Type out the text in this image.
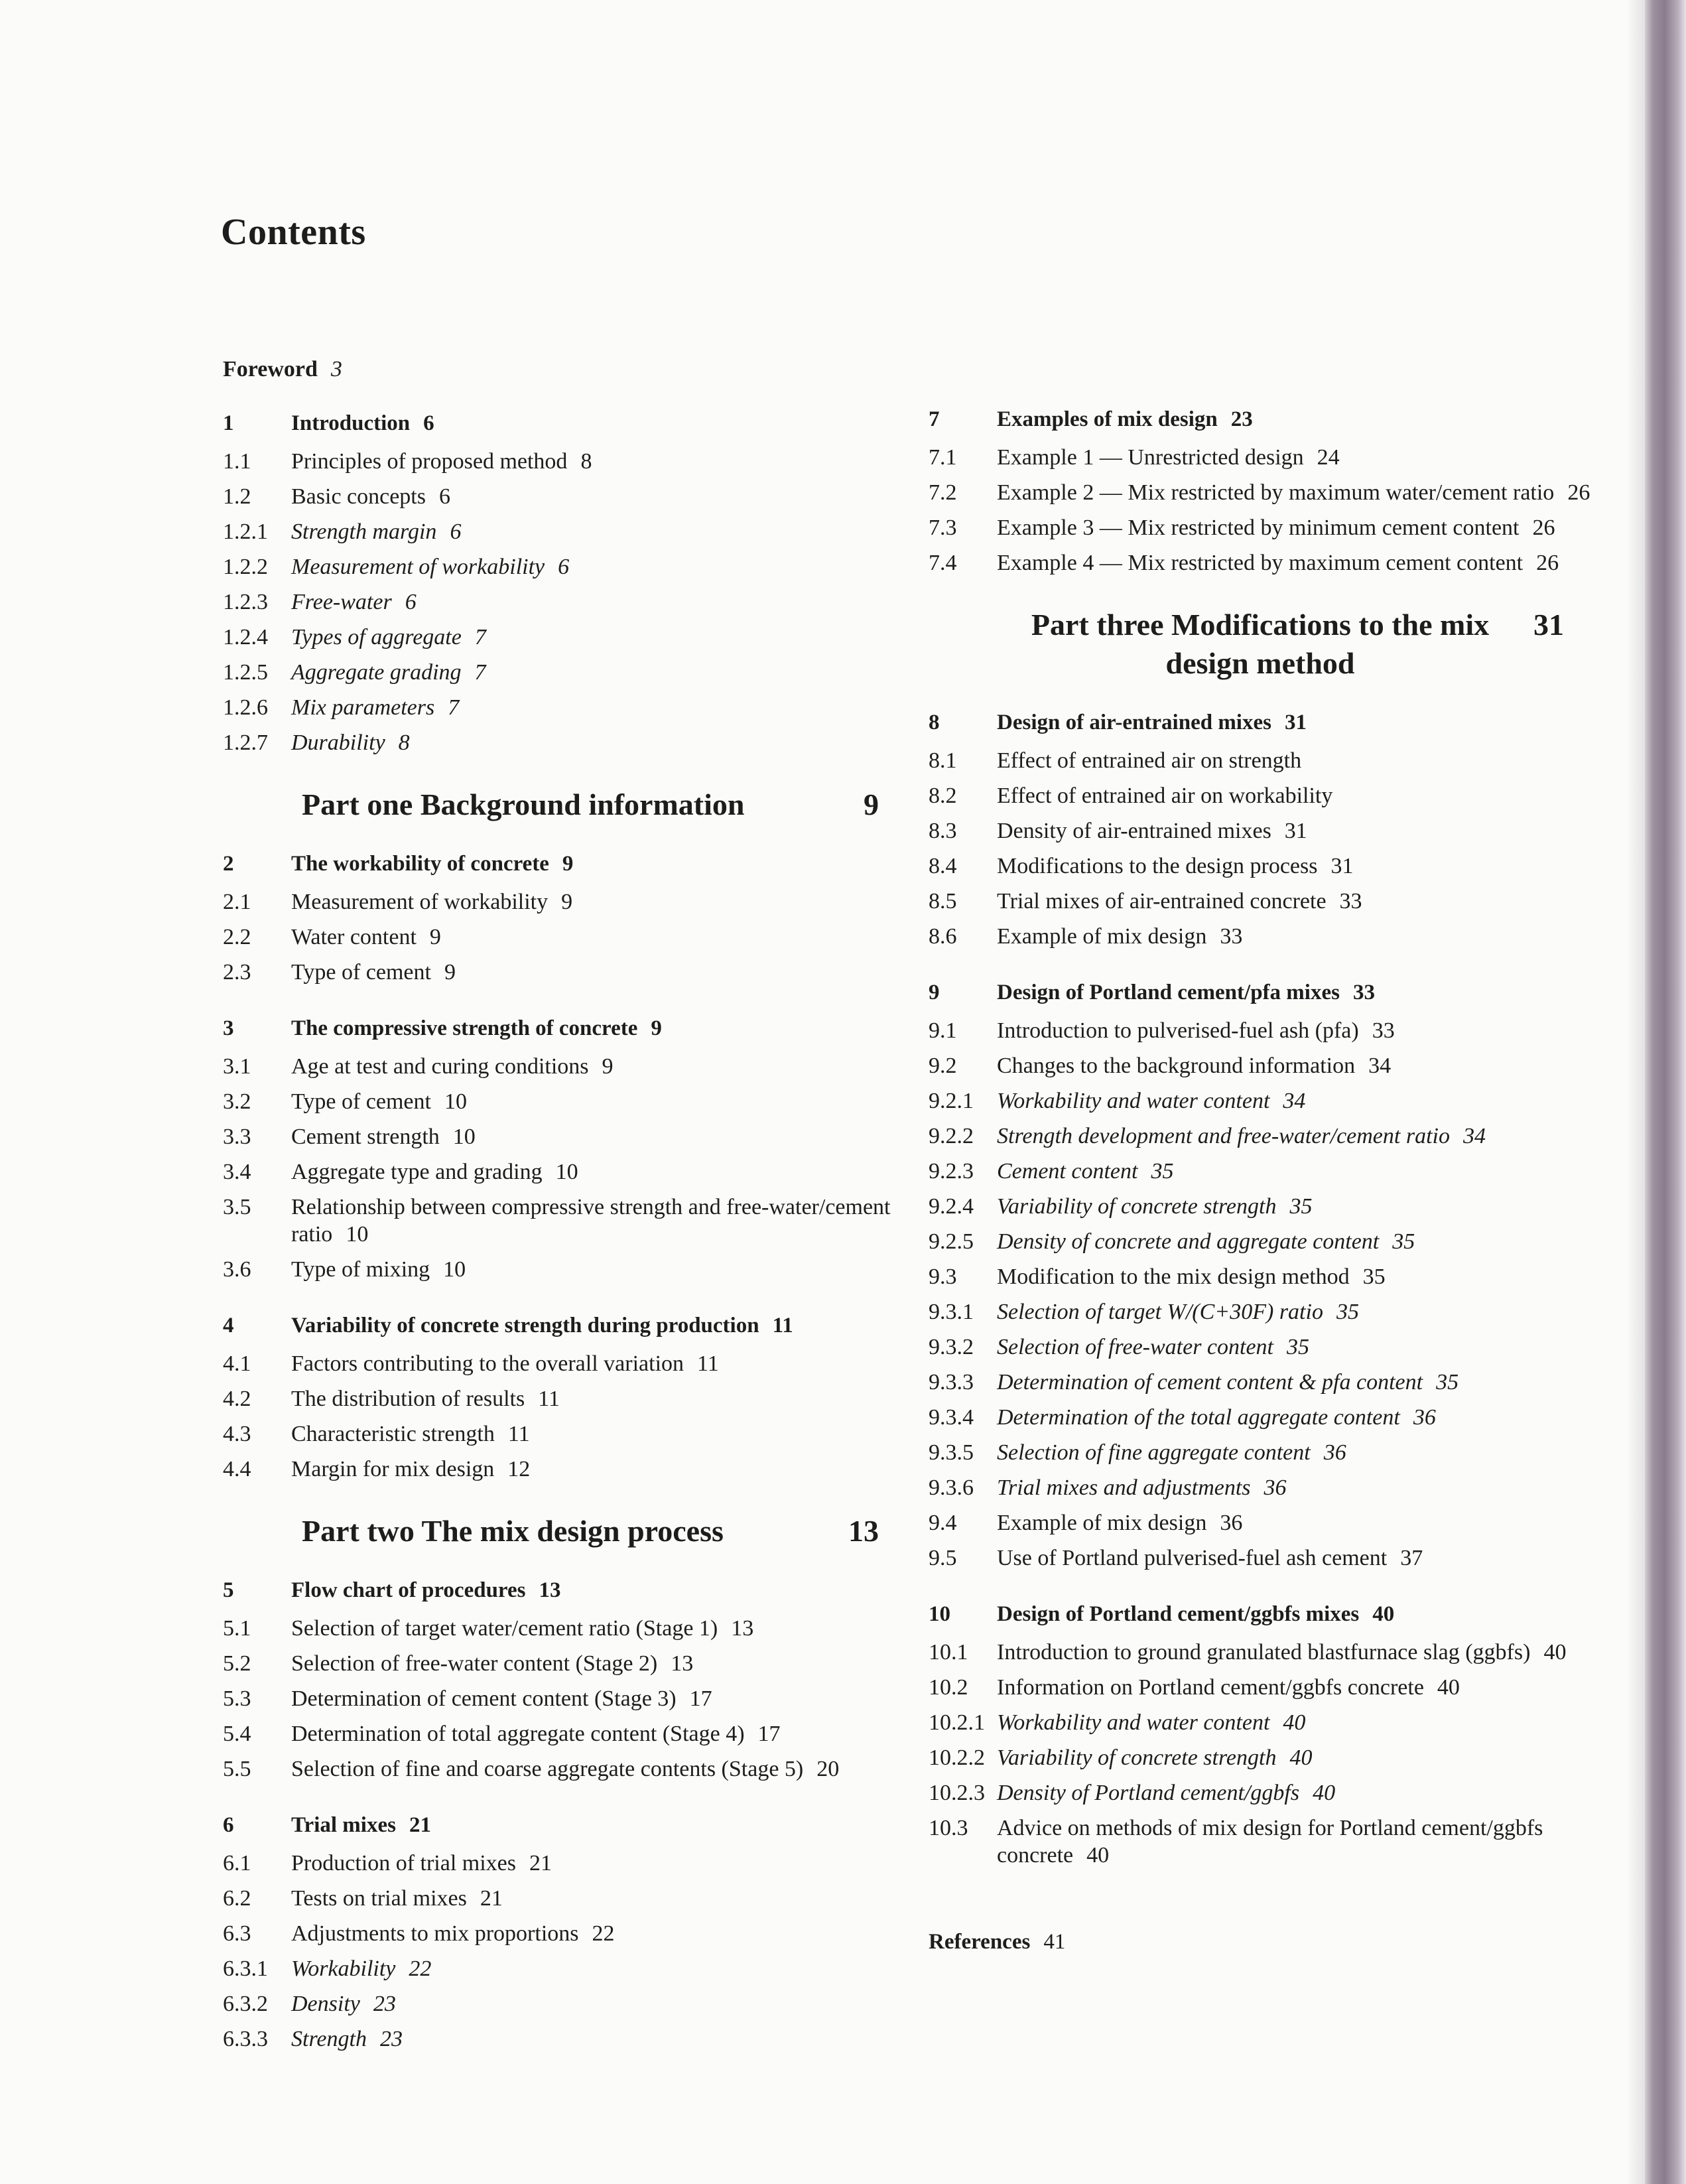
Contents
Foreword 3
1	Introduction 6
1.1	Principles of proposed method 8
1.2	Basic concepts 6
1.2.1	Strength margin 6
1.2.2	Measurement of workability 6
1.2.3	Free-water 6
1.2.4	Types of aggregate 7
1.2.5	Aggregate grading 7
1.2.6	Mix parameters 7
1.2.7	Durability 8
Part one Background information	9
2	The workability of concrete 9
2.1	Measurement of workability 9
2.2	Water content 9
2.3	Type of cement 9
3	The compressive strength of concrete 9
3.1	Age at test and curing conditions 9
3.2	Type of cement 10
3.3	Cement strength 10
3.4	Aggregate type and grading 10
3.5	Relationship between compressive strength and free-water/cement ratio 10
3.6	Type of mixing 10
4	Variability of concrete strength during production 11
4.1	Factors contributing to the overall variation 11
4.2	The distribution of results 11
4.3	Characteristic strength 11
4.4	Margin for mix design 12
Part two The mix design process	13
5	Flow chart of procedures 13
5.1	Selection of target water/cement ratio (Stage 1) 13
5.2	Selection of free-water content (Stage 2) 13
5.3	Determination of cement content (Stage 3) 17
5.4	Determination of total aggregate content (Stage 4) 17
5.5	Selection of fine and coarse aggregate contents (Stage 5) 20
6	Trial mixes 21
6.1	Production of trial mixes 21
6.2	Tests on trial mixes 21
6.3	Adjustments to mix proportions 22
6.3.1	Workability 22
6.3.2	Density 23
6.3.3	Strength 23
7	Examples of mix design 23
7.1	Example 1 — Unrestricted design 24
7.2	Example 2 — Mix restricted by maximum water/cement ratio 26
7.3	Example 3 — Mix restricted by minimum cement content 26
7.4	Example 4 — Mix restricted by maximum cement content 26
Part three Modifications to the mix design method
31
8	Design of air-entrained mixes 31
8.1	Effect of entrained air on strength
8.2	Effect of entrained air on workability
8.3	Density of air-entrained mixes 31
8.4	Modifications to the design process 31
8.5	Trial mixes of air-entrained concrete 33
8.6	Example of mix design 33
9	Design of Portland cement/pfa mixes 33
9.1	Introduction to pulverised-fuel ash (pfa) 33
9.2	Changes to the background information 34
9.2.1	Workability and water content 34
9.2.2	Strength development and free-water/cement ratio 34
9.2.3	Cement content 35
9.2.4	Variability of concrete strength 35
9.2.5	Density of concrete and aggregate content 35
9.3	Modification to the mix design method 35
9.3.1	Selection of target W/(C+30F) ratio 35
9.3.2	Selection of free-water content 35
9.3.3	Determination of cement content & pfa content 35
9.3.4	Determination of the total aggregate content 36
9.3.5	Selection of fine aggregate content 36
9.3.6	Trial mixes and adjustments 36
9.4	Example of mix design 36
9.5	Use of Portland pulverised-fuel ash cement 37
10	Design of Portland cement/ggbfs mixes 40
10.1	Introduction to ground granulated blastfurnace slag (ggbfs) 40
10.2	Information on Portland cement/ggbfs concrete 40
10.2.1 Workability and water content 40
10.2.2 Variability of concrete strength 40
10.2.3 Density of Portland cement/ggbfs 40
10.3	Advice on methods of mix design for Portland cement/ggbfs concrete 40
References 41
